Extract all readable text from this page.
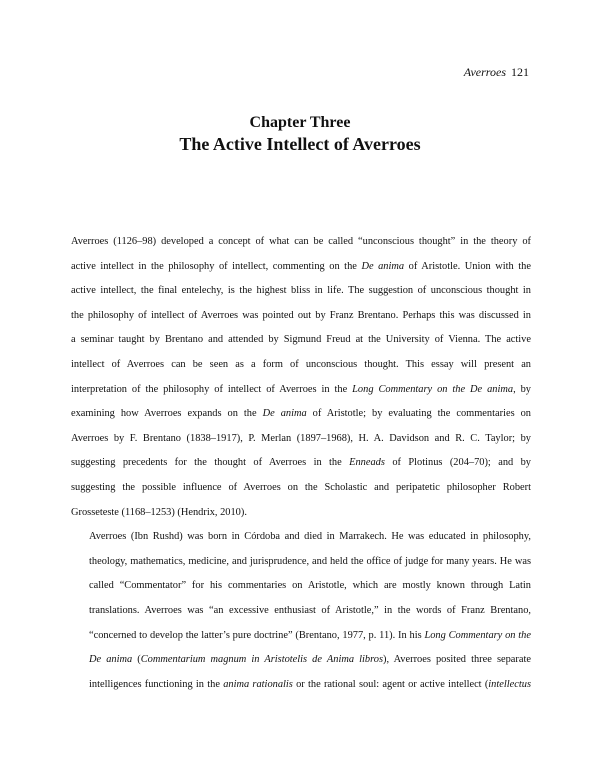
Averroes 121
Chapter Three
The Active Intellect of Averroes

Averroes (1126–98) developed a concept of what can be called “unconscious thought” in the theory of
active intellect in the philosophy of intellect, commenting on the De anima of Aristotle. Union with the
active intellect, the final entelechy, is the highest bliss in life. The suggestion of unconscious thought in
the philosophy of intellect of Averroes was pointed out by Franz Brentano. Perhaps this was discussed in
a seminar taught by Brentano and attended by Sigmund Freud at the University of Vienna. The active
intellect of Averroes can be seen as a form of unconscious thought. This essay will present an
interpretation of the philosophy of intellect of Averroes in the Long Commentary on the De anima, by
examining how Averroes expands on the De anima of Aristotle; by evaluating the commentaries on
Averroes by F. Brentano (1838–1917), P. Merlan (1897–1968), H. A. Davidson and R. C. Taylor; by
suggesting precedents for the thought of Averroes in the Enneads of Plotinus (204–70); and by
suggesting the possible influence of Averroes on the Scholastic and peripatetic philosopher Robert
Grosseteste (1168–1253) (Hendrix, 2010).

Averroes (Ibn Rushd) was born in Córdoba and died in Marrakech. He was educated in philosophy,
theology, mathematics, medicine, and jurisprudence, and held the office of judge for many years. He was
called “Commentator” for his commentaries on Aristotle, which are mostly known through Latin
translations. Averroes was “an excessive enthusiast of Aristotle,” in the words of Franz Brentano,
“concerned to develop the latter’s pure doctrine” (Brentano, 1977, p. 11). In his Long Commentary on the
De anima (Commentarium magnum in Aristotelis de Anima libros), Averroes posited three separate
intelligences functioning in the anima rationalis or the rational soul: agent or active intellect (intellectus
